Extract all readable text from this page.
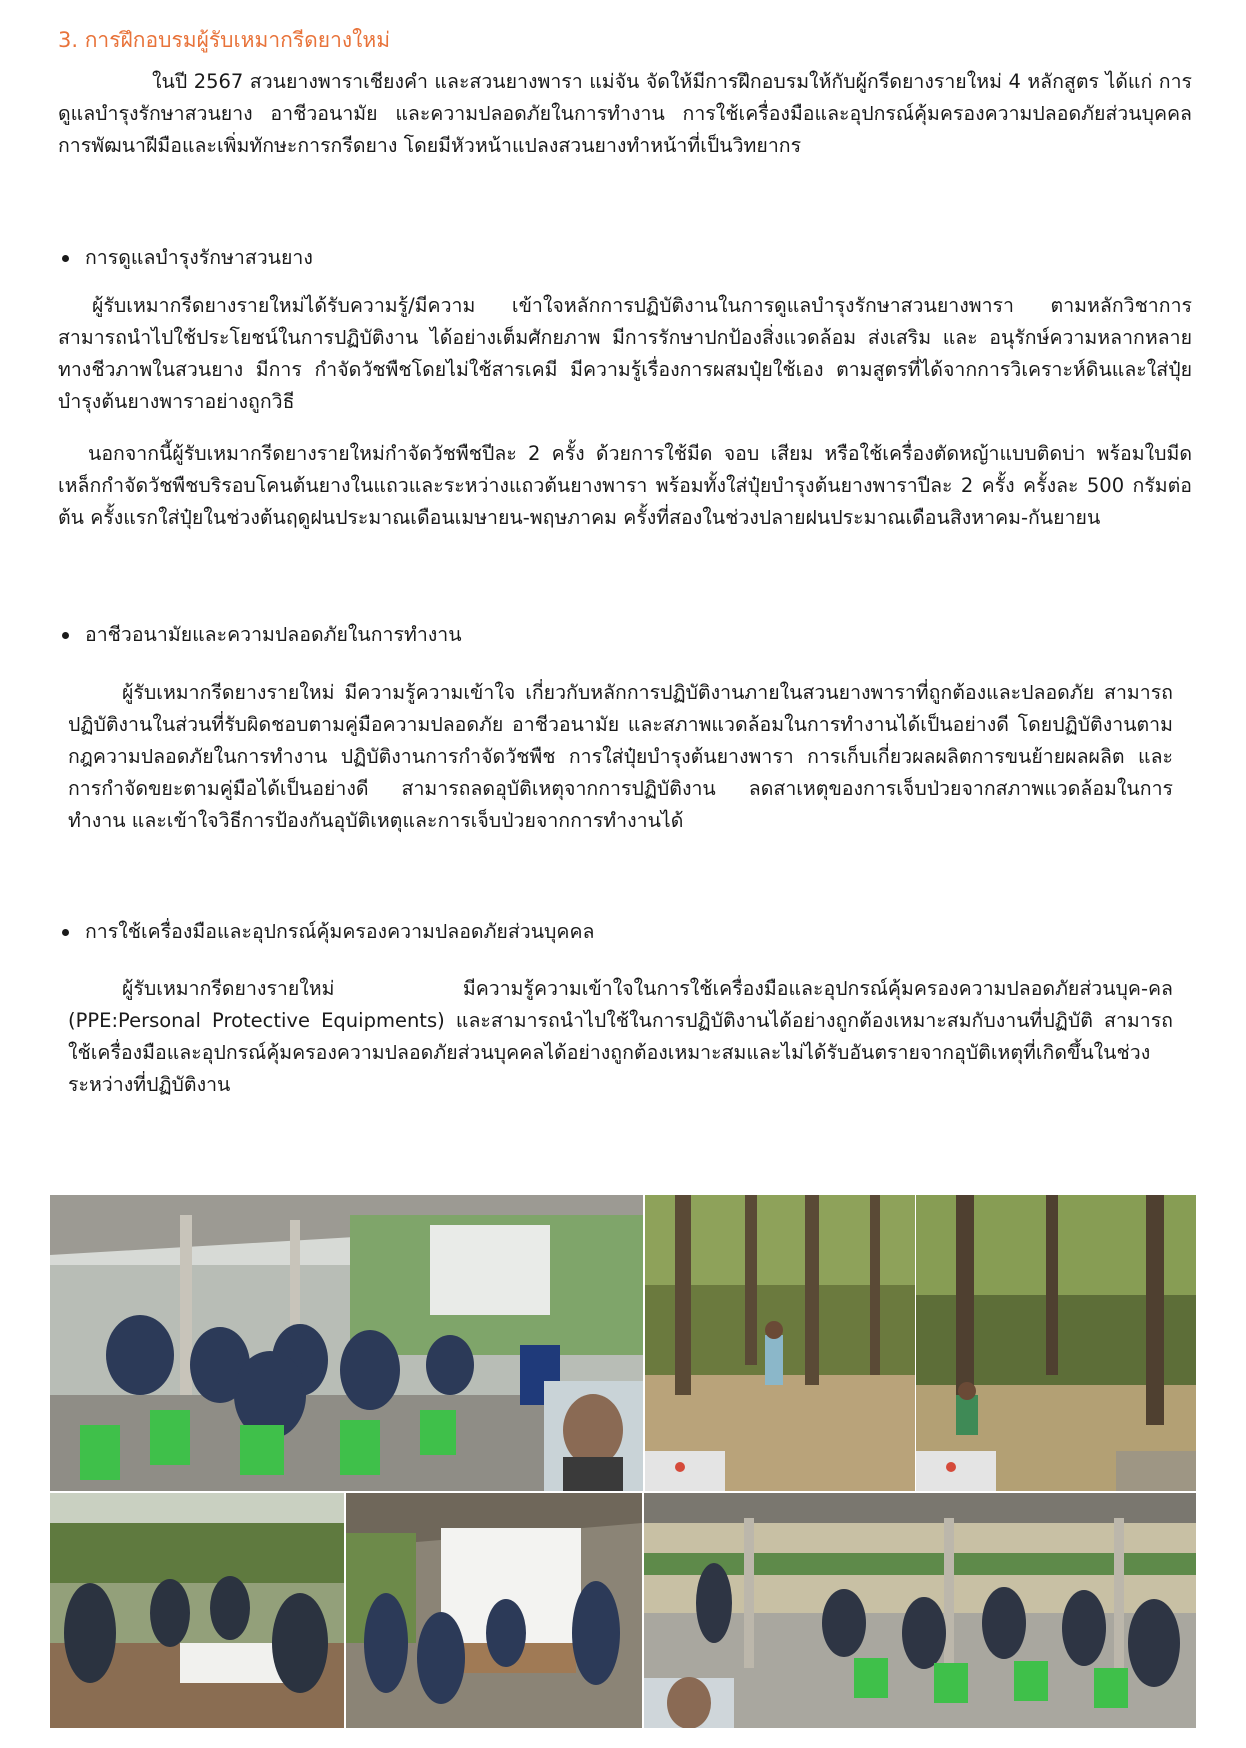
3. การฝึกอบรมผู้รับเหมากรีดยางใหม่

ในปี 2567 สวนยางพาราเชียงคำ และสวนยางพารา แม่จัน จัดให้มีการฝึกอบรมให้กับผู้กรีดยางรายใหม่ 4 หลักสูตร ได้แก่ การดูแลบำรุงรักษาสวนยาง อาชีวอนามัย และความปลอดภัยในการทำงาน การใช้เครื่องมือและอุปกรณ์คุ้มครองความปลอดภัยส่วนบุคคล การพัฒนาฝีมือและเพิ่มทักษะการกรีดยาง โดยมีหัวหน้าแปลงสวนยางทำหน้าที่เป็นวิทยากร

การดูแลบำรุงรักษาสวนยาง

ผู้รับเหมากรีดยางรายใหม่ได้รับความรู้/มีความ เข้าใจหลักการปฏิบัติงานในการดูแลบำรุงรักษาสวนยางพารา ตามหลักวิชาการ สามารถนำไปใช้ประโยชน์ในการปฏิบัติงาน ได้อย่างเต็มศักยภาพ มีการรักษาปกป้องสิ่งแวดล้อม ส่งเสริม และ อนุรักษ์ความหลากหลายทางชีวภาพในสวนยาง มีการ กำจัดวัชพืชโดยไม่ใช้สารเคมี มีความรู้เรื่องการผสมปุ๋ยใช้เอง ตามสูตรที่ได้จากการวิเคราะห์ดินและใส่ปุ๋ยบำรุงต้นยางพาราอย่างถูกวิธี

นอกจากนี้ผู้รับเหมากรีดยางรายใหม่กำจัดวัชพืชปีละ 2 ครั้ง ด้วยการใช้มีด จอบ เสียม หรือใช้เครื่องตัดหญ้าแบบติดบ่า พร้อมใบมีดเหล็กกำจัดวัชพืชบริรอบโคนต้นยางในแถวและระหว่างแถวต้นยางพารา พร้อมทั้งใส่ปุ๋ยบำรุงต้นยางพาราปีละ 2 ครั้ง ครั้งละ 500 กรัมต่อต้น ครั้งแรกใส่ปุ๋ยในช่วงต้นฤดูฝนประมาณเดือนเมษายน-พฤษภาคม ครั้งที่สองในช่วงปลายฝนประมาณเดือนสิงหาคม-กันยายน

อาชีวอนามัยและความปลอดภัยในการทำงาน

ผู้รับเหมากรีดยางรายใหม่ มีความรู้ความเข้าใจ เกี่ยวกับหลักการปฏิบัติงานภายในสวนยางพาราที่ถูกต้องและปลอดภัย สามารถปฏิบัติงานในส่วนที่รับผิดชอบตามคู่มือความปลอดภัย อาชีวอนามัย และสภาพแวดล้อมในการทำงานได้เป็นอย่างดี โดยปฏิบัติงานตามกฎความปลอดภัยในการทำงาน ปฏิบัติงานการกำจัดวัชพืช การใส่ปุ๋ยบำรุงต้นยางพารา การเก็บเกี่ยวผลผลิตการขนย้ายผลผลิต และการกำจัดขยะตามคู่มือได้เป็นอย่างดี สามารถลดอุบัติเหตุจากการปฏิบัติงาน ลดสาเหตุของการเจ็บป่วยจากสภาพแวดล้อมในการทำงาน และเข้าใจวิธีการป้องกันอุบัติเหตุและการเจ็บป่วยจากการทำงานได้

การใช้เครื่องมือและอุปกรณ์คุ้มครองความปลอดภัยส่วนบุคคล

ผู้รับเหมากรีดยางรายใหม่ มีความรู้ความเข้าใจในการใช้เครื่องมือและอุปกรณ์คุ้มครองความปลอดภัยส่วนบุค-คล (PPE:Personal Protective Equipments) และสามารถนำไปใช้ในการปฏิบัติงานได้อย่างถูกต้องเหมาะสมกับงานที่ปฏิบัติ สามารถใช้เครื่องมือและอุปกรณ์คุ้มครองความปลอดภัยส่วนบุคคลได้อย่างถูกต้องเหมาะสมและไม่ได้รับอันตรายจากอุบัติเหตุที่เกิดขึ้นในช่วงระหว่างที่ปฏิบัติงาน
